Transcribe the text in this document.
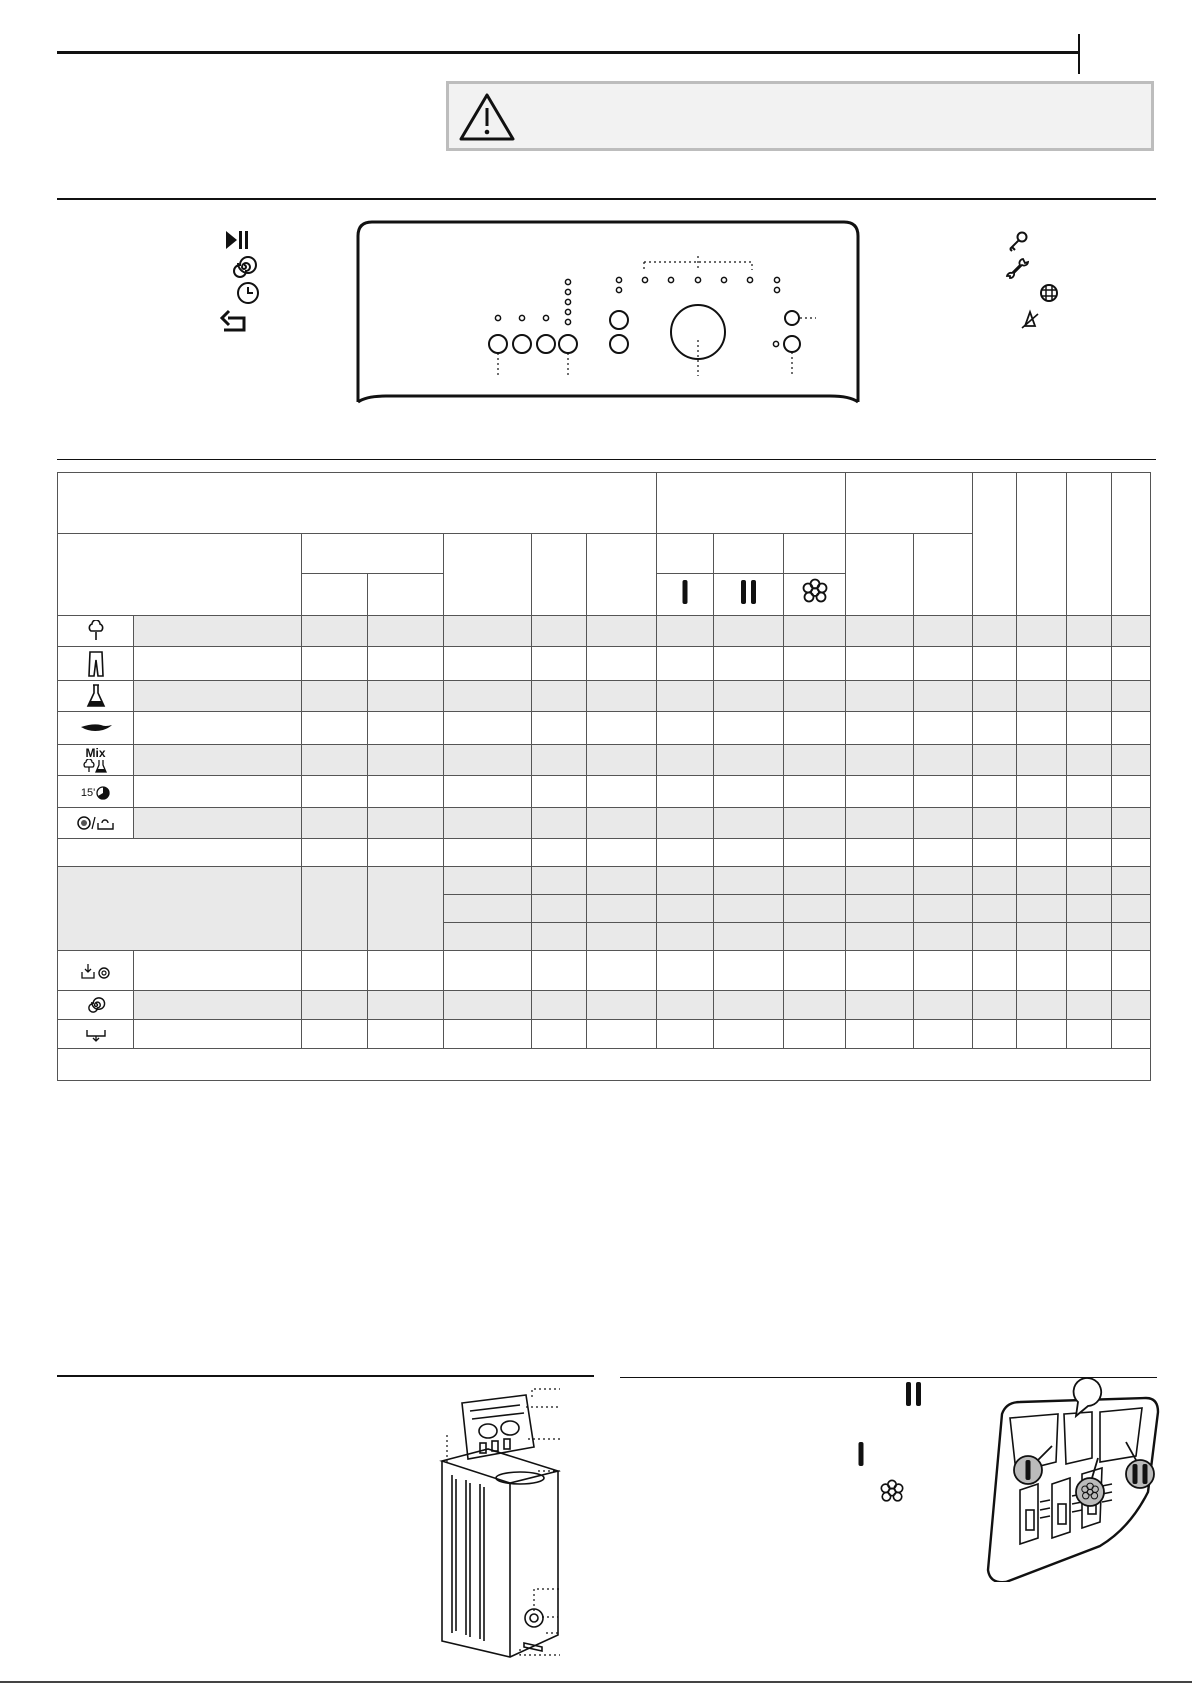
Mix															

15'															
